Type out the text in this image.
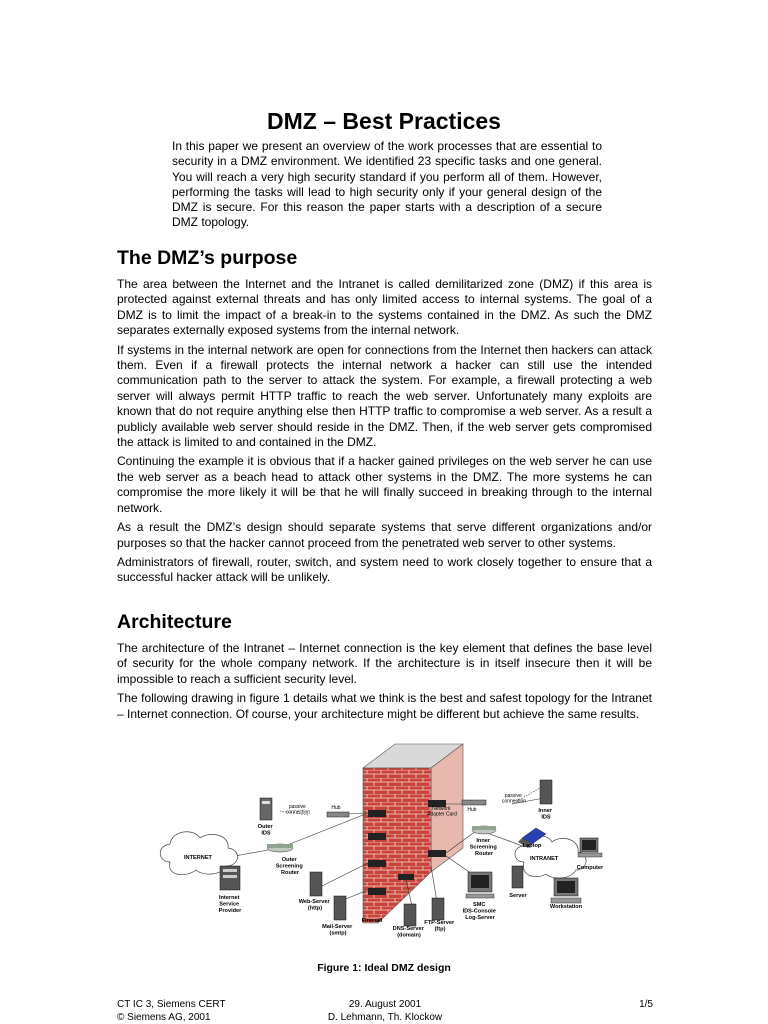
DMZ – Best Practices

In this paper we present an overview of the work processes that are essential to security in a DMZ environment. We identified 23 specific tasks and one general. You will reach a very high security standard if you perform all of them. However, performing the tasks will lead to high security only if your general design of the DMZ is secure. For this reason the paper starts with a description of a secure DMZ topology.

The DMZ’s purpose

The area between the Internet and the Intranet is called demilitarized zone (DMZ) if this area is protected against external threats and has only limited access to internal systems. The goal of a DMZ is to limit the impact of a break-in to the systems contained in the DMZ. As such the DMZ separates externally exposed systems from the internal network.

If systems in the internal network are open for connections from the Internet then hackers can attack them. Even if a firewall protects the internal network a hacker can still use the intended communication path to the server to attack the system. For example, a firewall protecting a web server will always permit HTTP traffic to reach the web server. Unfortunately many exploits are known that do not require anything else then HTTP traffic to compromise a web server. As a result a publicly available web server should reside in the DMZ. Then, if the web server gets compromised the attack is limited to and contained in the DMZ.

Continuing the example it is obvious that if a hacker gained privileges on the web server he can use the web server as a beach head to attack other systems in the DMZ. The more systems he can compromise the more likely it will be that he will finally succeed in breaking through to the internal network.

As a result the DMZ’s design should separate systems that serve different organizations and/or purposes so that the hacker cannot proceed from the penetrated web server to other systems.

Administrators of firewall, router, switch, and system need to work closely together to ensure that a successful hacker attack will be unlikely.

Architecture

The architecture of the Intranet – Internet connection is the key element that defines the base level of security for the whole company network. If the architecture is in itself insecure then it will be impossible to reach a sufficient security level.

The following drawing in figure 1 details what we think is the best and safest topology for the Intranet – Internet connection. Of course, your architecture might be different but achieve the same results.

INTERNET	INTRANET
Internet Service Provider
Outer IDS
passive connection
Hub
Outer Screening Router
Web-Server (http)
Mail-Server (smtp)
Firewall
DNS-Server (domain)
FTP-Server (ftp)
SMC IDS-Console Log-Server
Inner Screening Router
Network Adapter Card
Hub
passive connection
Inner IDS
Laptop
Server
Computer
Workstation
Figure 1: Ideal DMZ design
CT IC 3, Siemens CERT
© Siemens AG, 2001
29. August 2001
D. Lehmann, Th. Klockow
1/5
